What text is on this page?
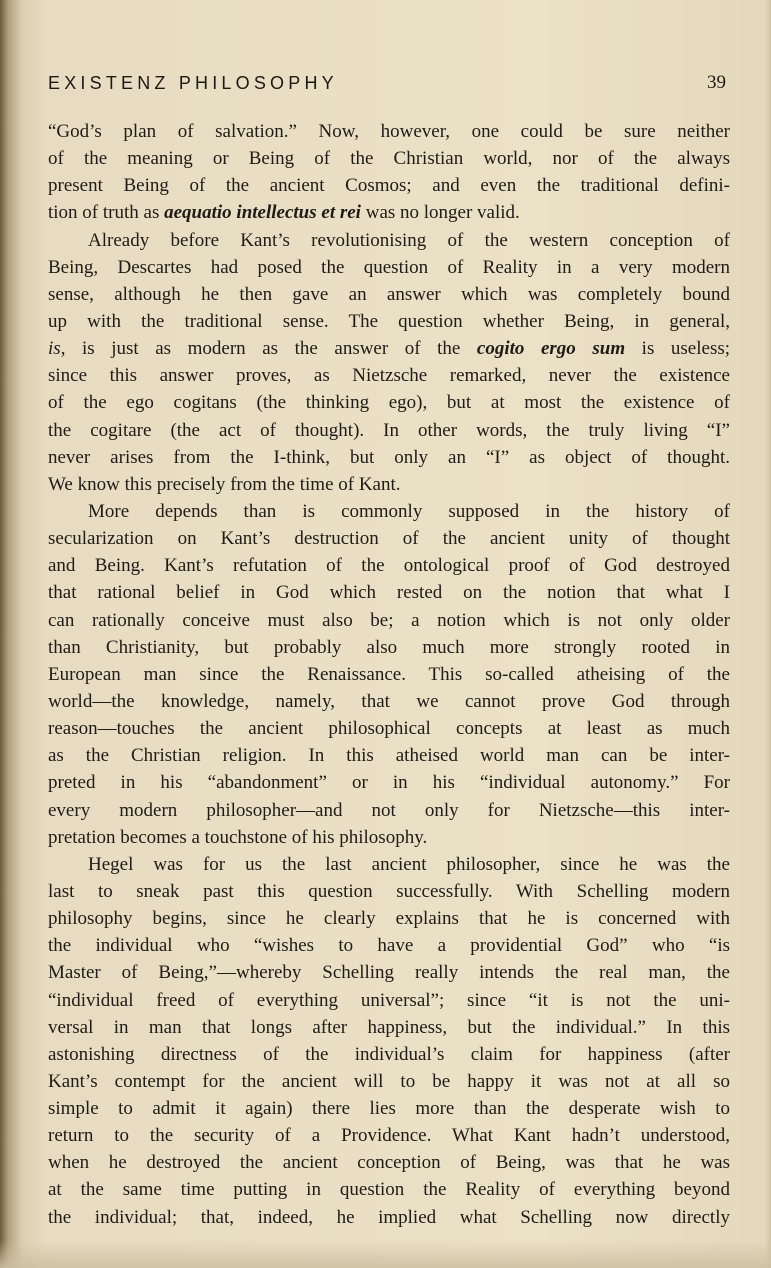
EXISTENZ PHILOSOPHY	39
“God’s plan of salvation.” Now, however, one could be sure neither
of the meaning or Being of the Christian world, nor of the always
present Being of the ancient Cosmos; and even the traditional defini-
tion of truth as aequatio intellectus et rei was no longer valid.
Already before Kant’s revolutionising of the western conception of
Being, Descartes had posed the question of Reality in a very modern
sense, although he then gave an answer which was completely bound
up with the traditional sense. The question whether Being, in general,
is, is just as modern as the answer of the cogito ergo sum is useless;
since this answer proves, as Nietzsche remarked, never the existence
of the ego cogitans (the thinking ego), but at most the existence of
the cogitare (the act of thought). In other words, the truly living “I”
never arises from the I-think, but only an “I” as object of thought.
We know this precisely from the time of Kant.
More depends than is commonly supposed in the history of
secularization on Kant’s destruction of the ancient unity of thought
and Being. Kant’s refutation of the ontological proof of God destroyed
that rational belief in God which rested on the notion that what I
can rationally conceive must also be; a notion which is not only older
than Christianity, but probably also much more strongly rooted in
European man since the Renaissance. This so-called atheising of the
world—the knowledge, namely, that we cannot prove God through
reason—touches the ancient philosophical concepts at least as much
as the Christian religion. In this atheised world man can be inter-
preted in his “abandonment” or in his “individual autonomy.” For
every modern philosopher—and not only for Nietzsche—this inter-
pretation becomes a touchstone of his philosophy.
Hegel was for us the last ancient philosopher, since he was the
last to sneak past this question successfully. With Schelling modern
philosophy begins, since he clearly explains that he is concerned with
the individual who “wishes to have a providential God” who “is
Master of Being,”—whereby Schelling really intends the real man, the
“individual freed of everything universal”; since “it is not the uni-
versal in man that longs after happiness, but the individual.” In this
astonishing directness of the individual’s claim for happiness (after
Kant’s contempt for the ancient will to be happy it was not at all so
simple to admit it again) there lies more than the desperate wish to
return to the security of a Providence. What Kant hadn’t understood,
when he destroyed the ancient conception of Being, was that he was
at the same time putting in question the Reality of everything beyond
the individual; that, indeed, he implied what Schelling now directly
